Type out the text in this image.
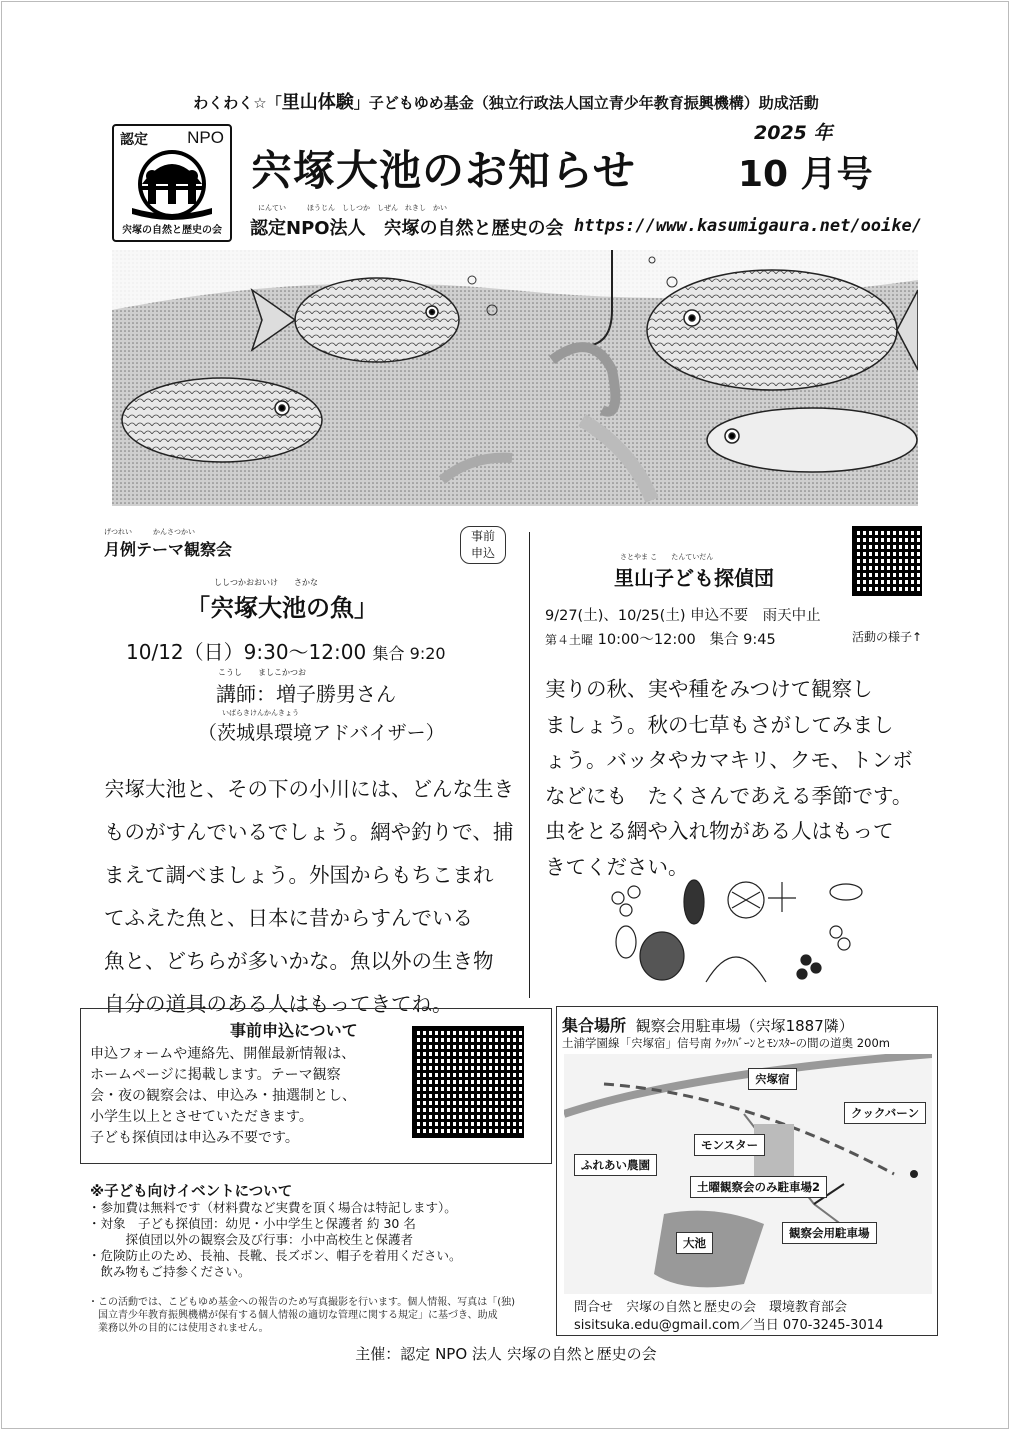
わくわく☆「里山体験」子どもゆめ基金（独立行政法人国立青少年教育振興機構）助成活動
認定 NPO
宍塚の自然と歴史の会
宍塚大池のお知らせ
2025 年
10 月号
にんてい　　　ほうじん　ししつか　しぜん　れきし　かい
認定NPO法人　宍塚の自然と歴史の会 https://www.kasumigaura.net/ooike/
げつれい　　　かんさつかい
月例テーマ観察会
事前
申込
ししつかおおいけ　　さかな
「宍塚大池の魚」
10/12（日）9:30〜12:00 集合 9:20
こうし　　ましこかつお
講師：増子勝男さん
いばらきけんかんきょう
（茨城県環境アドバイザー）
宍塚大池と、その下の小川には、どんな生き
ものがすんでいるでしょう。網や釣りで、捕
まえて調べましょう。外国からもちこまれ
てふえた魚と、日本に昔からすんでいる
魚と、どちらが多いかな。魚以外の生き物
自分の道具のある人はもってきてね。
さとやま こ　　たんていだん
里山子ども探偵団
9/27(土)、10/25(土) 申込不要　雨天中止
第４土曜 10:00〜12:00 集合 9:45	活動の様子↑
実りの秋、実や種をみつけて観察し
ましょう。秋の七草もさがしてみまし
ょう。バッタやカマキリ、クモ、トンボ
などにも　たくさんであえる季節です。
虫をとる網や入れ物がある人はもって
きてください。
事前申込について
申込フォームや連絡先、開催最新情報は、
ホームページに掲載します。テーマ観察
会・夜の観察会は、申込み・抽選制とし、
小学生以上とさせていただきます。
子ども探偵団は申込み不要です。
※子ども向けイベントについて
・参加費は無料です（材料費など実費を頂く場合は特記します）。
・対象　子ども探偵団：幼児・小中学生と保護者 約 30 名
　　　探偵団以外の観察会及び行事：小中高校生と保護者
・危険防止のため、長袖、長靴、長ズボン、帽子を着用ください。
　飲み物もご持参ください。
・この活動では、こどもゆめ基金への報告のため写真撮影を行います。個人情報、写真は「(独)
　国立青少年教育振興機構が保有する個人情報の適切な管理に関する規定」に基づき、助成
　業務以外の目的には使用されません。
集合場所 観察会用駐車場（宍塚1887隣）
土浦学園線「宍塚宿」信号南 ｸｯｸﾊﾞｰﾝとﾓﾝｽﾀｰの間の道奥 200m
宍塚宿
クックバーン
モンスター
ふれあい農園
土曜観察会のみ駐車場2
大池
観察会用駐車場
問合せ　宍塚の自然と歴史の会　環境教育部会
sisitsuka.edu@gmail.com／当日 070-3245-3014
主催：認定 NPO 法人 宍塚の自然と歴史の会
